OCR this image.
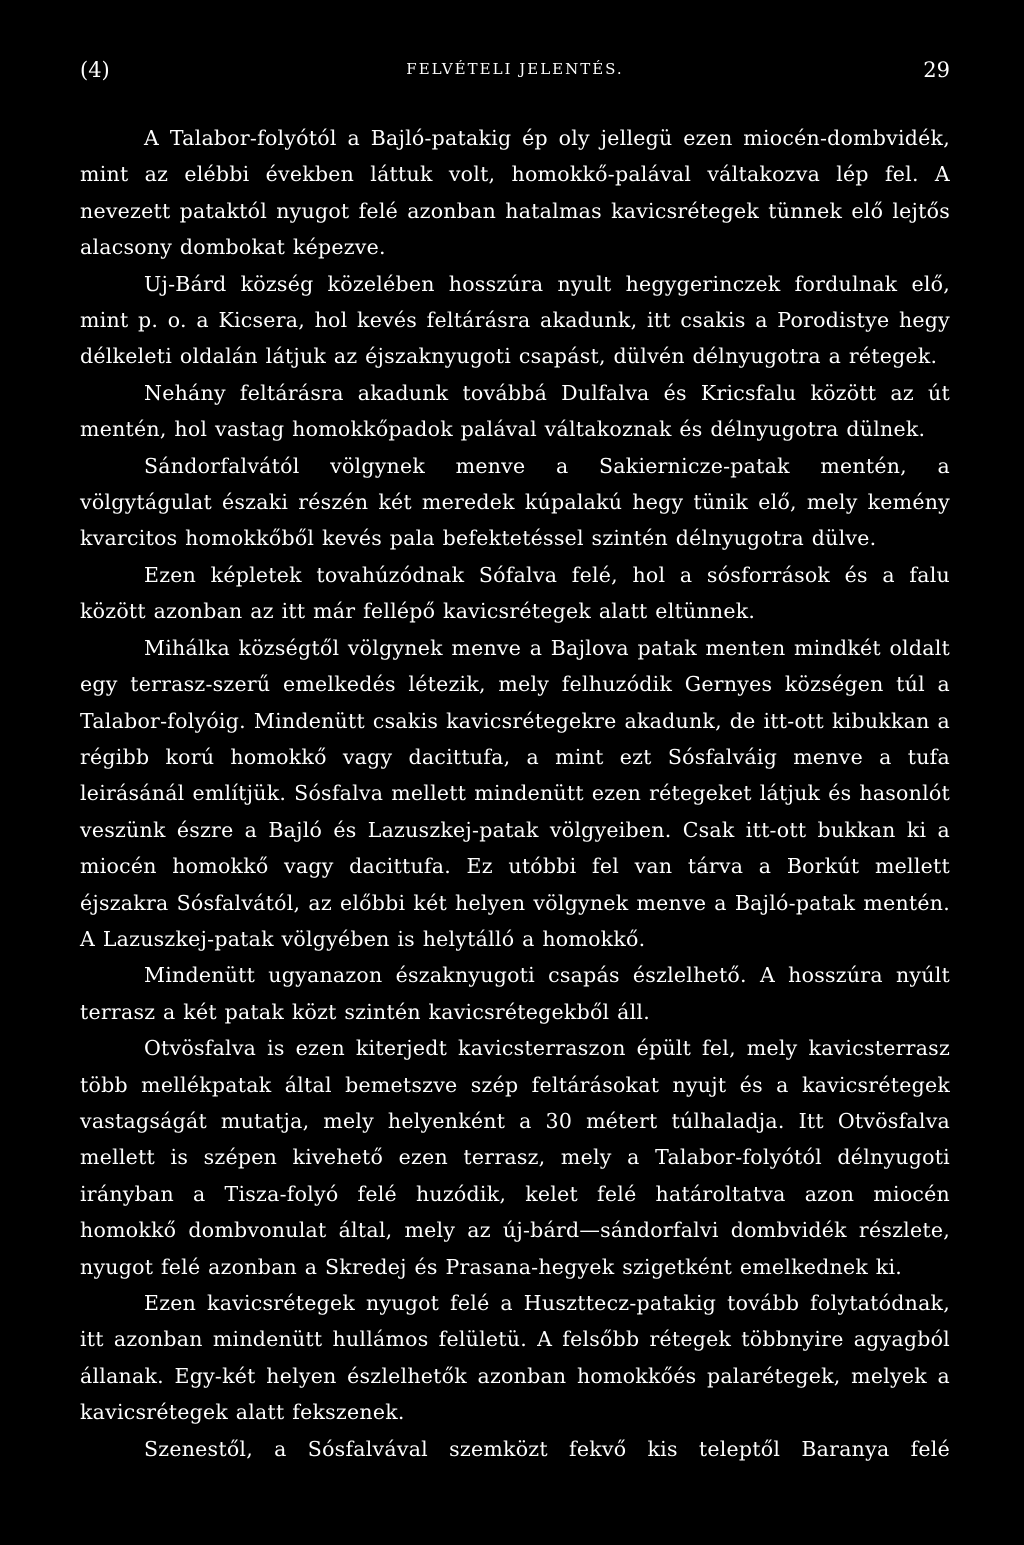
(4)	FELVÉTELI JELENTÉS.	29

A Talabor-folyótól a Bajló-patakig ép oly jellegü ezen miocén-dombvidék, mint az elébbi években láttuk volt, homokkő-palával váltakozva lép fel. A nevezett pataktól nyugot felé azonban hatalmas kavicsrétegek tünnek elő lejtős alacsony dombokat képezve.

Uj-Bárd község közelében hosszúra nyult hegygerinczek fordulnak elő, mint p. o. a Kicsera, hol kevés feltárásra akadunk, itt csakis a Porodistye hegy délkeleti oldalán látjuk az éjszaknyugoti csapást, dülvén délnyugotra a rétegek.

Nehány feltárásra akadunk továbbá Dulfalva és Kricsfalu között az út mentén, hol vastag homokkőpadok palával váltakoznak és délnyugotra dülnek.

Sándorfalvától völgynek menve a Sakiernicze-patak mentén, a völgytágulat északi részén két meredek kúpalakú hegy tünik elő, mely kemény kvarcitos homokkőből kevés pala befektetéssel szintén délnyugotra dülve.

Ezen képletek tovahúzódnak Sófalva felé, hol a sósforrások és a falu között azonban az itt már fellépő kavicsrétegek alatt eltünnek.

Mihálka községtől völgynek menve a Bajlova patak menten mindkét oldalt egy terrasz-szerű emelkedés létezik, mely felhuzódik Gernyes községen túl a Talabor-folyóig. Mindenütt csakis kavicsrétegekre akadunk, de itt-ott kibukkan a régibb korú homokkő vagy dacittufa, a mint ezt Sósfalváig menve a tufa leirásánál említjük. Sósfalva mellett mindenütt ezen rétegeket látjuk és hasonlót veszünk észre a Bajló és Lazuszkej-patak völgyeiben. Csak itt-ott bukkan ki a miocén homokkő vagy dacittufa. Ez utóbbi fel van tárva a Borkút mellett éjszakra Sósfalvától, az előbbi két helyen völgynek menve a Bajló-patak mentén. A Lazuszkej-patak völgyében is helytálló a homokkő.

Mindenütt ugyanazon északnyugoti csapás észlelhető. A hosszúra nyúlt terrasz a két patak közt szintén kavicsrétegekből áll.

Otvösfalva is ezen kiterjedt kavicsterraszon épült fel, mely kavicsterrasz több mellékpatak által bemetszve szép feltárásokat nyujt és a kavicsrétegek vastagságát mutatja, mely helyenként a 30 métert túlhaladja. Itt Otvösfalva mellett is szépen kivehető ezen terrasz, mely a Talabor-folyótól délnyugoti irányban a Tisza-folyó felé huzódik, kelet felé határoltatva azon miocén homokkő dombvonulat által, mely az új-bárd—sándorfalvi dombvidék részlete, nyugot felé azonban a Skredej és Prasana-hegyek szigetként emelkednek ki.

Ezen kavicsrétegek nyugot felé a Huszttecz-patakig tovább folytatódnak, itt azonban mindenütt hullámos felületü. A felsőbb rétegek többnyire agyagból állanak. Egy-két helyen észlelhetők azonban homokkőés palarétegek, melyek a kavicsrétegek alatt fekszenek.

Szenestől, a Sósfalvával szemközt fekvő kis teleptől Baranya felé
